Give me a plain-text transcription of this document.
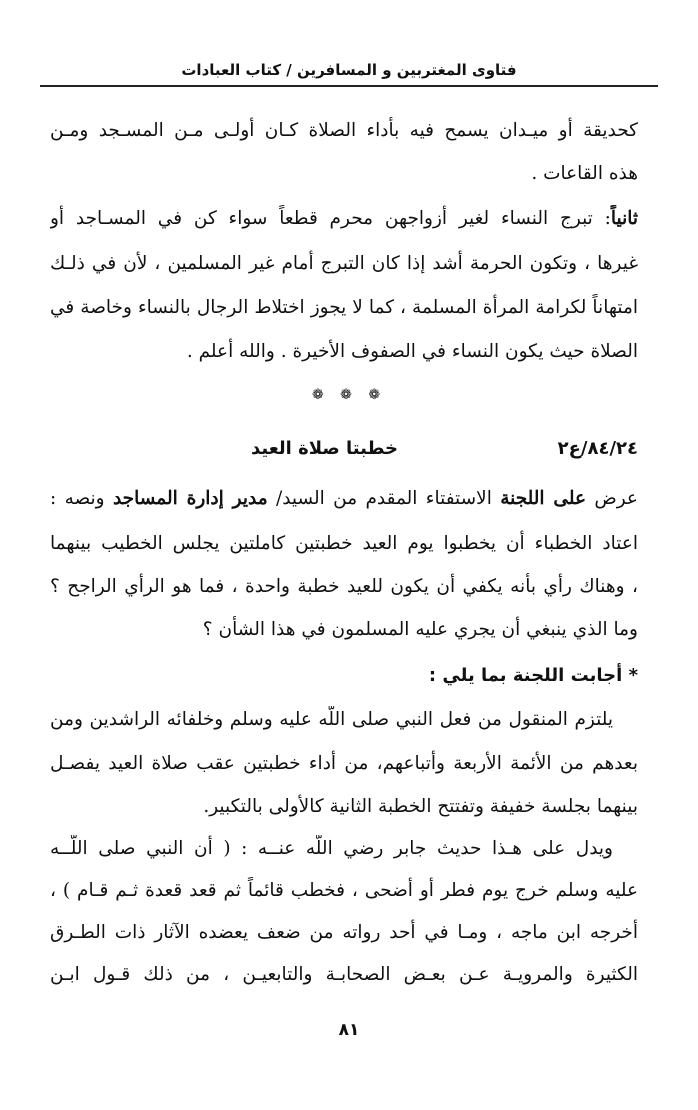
فتاوى المغتربين و المسافرين / كتاب العبادات
كحديقة أو ميـدان يسمح فيه بأداء الصلاة كـان أولـى مـن المسـجد ومـن
هذه القاعات .
ثانياً: تبرج النساء لغير أزواجهن محرم قطعاً سواء كن في المسـاجد أو
غيرها ، وتكون الحرمة أشد إذا كان التبرج أمام غير المسلمين ، لأن في ذلـك
امتهاناً لكرامة المرأة المسلمة ، كما لا يجوز اختلاط الرجال بالنساء وخاصة في
الصلاة حيث يكون النساء في الصفوف الأخيرة . والله أعلم .
❁ ❁ ❁
٨٤/٢٤/ع٢
خطبتا صلاة العيد
عرض على اللجنة الاستفتاء المقدم من السيد/ مدير إدارة المساجد ونصه :
اعتاد الخطباء أن يخطبوا يوم العيد خطبتين كاملتين يجلس الخطيب بينهما
، وهناك رأي بأنه يكفي أن يكون للعيد خطبة واحدة ، فما هو الرأي الراجح ؟
وما الذي ينبغي أن يجري عليه المسلمون في هذا الشأن ؟
* أجابت اللجنة بما يلي :
يلتزم المنقول من فعل النبي صلى اللّه عليه وسلم وخلفائه الراشدين ومن
بعدهم من الأئمة الأربعة وأتباعهم، من أداء خطبتين عقب صلاة العيد يفصـل
بينهما بجلسة خفيفة وتفتتح الخطبة الثانية كالأولى بالتكبير.
ويدل على هـذا حديث جابر رضي اللّه عنــه : ( أن النبي صلى اللّــه
عليه وسلم خرج يوم فطر أو أضحى ، فخطب قائماً ثم قعد قعدة ثـم قـام ) ،
أخرجه ابن ماجه ، ومـا في أحد رواته من ضعف يعضده الآثار ذات الطـرق
الكثيرة والمرويـة عـن بعـض الصحابـة والتابعيـن ، من ذلك قـول ابـن
٨١
